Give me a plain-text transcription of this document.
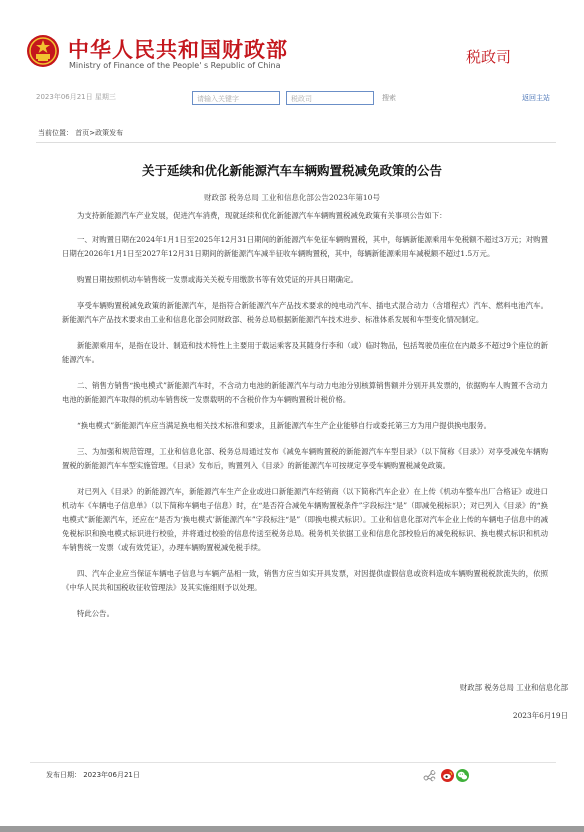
中华人民共和国财政部
Ministry of Finance of the People' s Republic of China	税政司
2023年06月21日 星期三	请输入关键字	税政司	搜索	返回主站
当前位置： 首页>政策发布
关于延续和优化新能源汽车车辆购置税减免政策的公告
财政部 税务总局 工业和信息化部公告2023年第10号

为支持新能源汽车产业发展，促进汽车消费，现就延续和优化新能源汽车车辆购置税减免政策有关事项公告如下：

一、对购置日期在2024年1月1日至2025年12月31日期间的新能源汽车免征车辆购置税，其中，每辆新能源乘用车免税额不超过3万元；对购置日期在2026年1月1日至2027年12月31日期间的新能源汽车减半征收车辆购置税，其中，每辆新能源乘用车减税额不超过1.5万元。

购置日期按照机动车销售统一发票或海关关税专用缴款书等有效凭证的开具日期确定。

享受车辆购置税减免政策的新能源汽车，是指符合新能源汽车产品技术要求的纯电动汽车、插电式混合动力（含增程式）汽车、燃料电池汽车。新能源汽车产品技术要求由工业和信息化部会同财政部、税务总局根据新能源汽车技术进步、标准体系发展和车型变化情况制定。

新能源乘用车，是指在设计、制造和技术特性上主要用于载运乘客及其随身行李和（或）临时物品，包括驾驶员座位在内最多不超过9个座位的新能源汽车。

二、销售方销售“换电模式”新能源汽车时，不含动力电池的新能源汽车与动力电池分别核算销售额并分别开具发票的，依据购车人购置不含动力电池的新能源汽车取得的机动车销售统一发票载明的不含税价作为车辆购置税计税价格。

“换电模式”新能源汽车应当满足换电相关技术标准和要求，且新能源汽车生产企业能够自行或委托第三方为用户提供换电服务。

三、为加强和规范管理，工业和信息化部、税务总局通过发布《减免车辆购置税的新能源汽车车型目录》（以下简称《目录》）对享受减免车辆购置税的新能源汽车车型实施管理。《目录》发布后，购置列入《目录》的新能源汽车可按规定享受车辆购置税减免政策。

对已列入《目录》的新能源汽车，新能源汽车生产企业或进口新能源汽车经销商（以下简称汽车企业）在上传《机动车整车出厂合格证》或进口机动车《车辆电子信息单》（以下简称车辆电子信息）时，在“是否符合减免车辆购置税条件”字段标注“是”（即减免税标识）；对已列入《目录》的“换电模式”新能源汽车，还应在“是否为‘换电模式’新能源汽车”字段标注“是”（即换电模式标识）。工业和信息化部对汽车企业上传的车辆电子信息中的减免税标识和换电模式标识进行校验，并将通过校验的信息传送至税务总局。税务机关依据工业和信息化部校验后的减免税标识、换电模式标识和机动车销售统一发票（或有效凭证），办理车辆购置税减免税手续。

四、汽车企业应当保证车辆电子信息与车辆产品相一致，销售方应当如实开具发票，对因提供虚假信息或资料造成车辆购置税税款流失的，依照《中华人民共和国税收征收管理法》及其实施细则予以处理。

特此公告。

财政部 税务总局 工业和信息化部
2023年6月19日
发布日期： 2023年06月21日
